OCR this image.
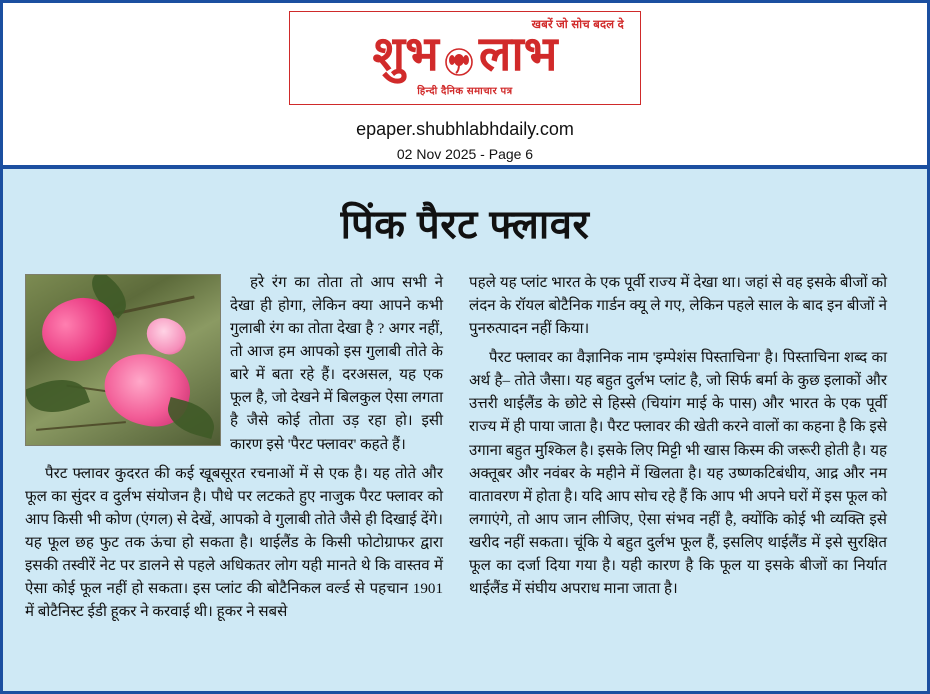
खबरें जो सोच बदल दे
शुभ लाभ
हिन्दी दैनिक समाचार पत्र
epaper.shubhlabhdaily.com
02 Nov 2025 - Page 6
पिंक पैरट फ्लावर

हरे रंग का तोता तो आप सभी ने देखा ही होगा, लेकिन क्या आपने कभी गुलाबी रंग का तोता देखा है ? अगर नहीं, तो आज हम आपको इस गुलाबी तोते के बारे में बता रहे हैं। दरअसल, यह एक फूल है, जो देखने में बिलकुल ऐसा लगता है जैसे कोई तोता उड़ रहा हो। इसी कारण इसे 'पैरट फ्लावर' कहते हैं।

पैरट फ्लावर कुदरत की कई खूबसूरत रचनाओं में से एक है। यह तोते और फूल का सुंदर व दुर्लभ संयोजन है। पौधे पर लटकते हुए नाजुक पैरट फ्लावर को आप किसी भी कोण (एंगल) से देखें, आपको वे गुलाबी तोते जैसे ही दिखाई देंगे। यह फूल छह फुट तक ऊंचा हो सकता है। थाईलैंड के किसी फोटोग्राफर द्वारा इसकी तस्वीरें नेट पर डालने से पहले अधिकतर लोग यही मानते थे कि वास्तव में ऐसा कोई फूल नहीं हो सकता। इस प्लांट की बोटैनिकल वर्ल्ड से पहचान 1901 में बोटैनिस्ट ईडी हूकर ने करवाई थी। हूकर ने सबसे

पहले यह प्लांट भारत के एक पूर्वी राज्य में देखा था। जहां से वह इसके बीजों को लंदन के रॉयल बोटैनिक गार्डन क्यू ले गए, लेकिन पहले साल के बाद इन बीजों ने पुनरुत्पादन नहीं किया।

पैरट फ्लावर का वैज्ञानिक नाम 'इम्पेशंस पिस्ताचिना' है। पिस्ताचिना शब्द का अर्थ है– तोते जैसा। यह बहुत दुर्लभ प्लांट है, जो सिर्फ बर्मा के कुछ इलाकों और उत्तरी थाईलैंड के छोटे से हिस्से (चियांग माई के पास) और भारत के एक पूर्वी राज्य में ही पाया जाता है। पैरट फ्लावर की खेती करने वालों का कहना है कि इसे उगाना बहुत मुश्किल है। इसके लिए मिट्टी भी खास किस्म की जरूरी होती है। यह अक्तूबर और नवंबर के महीने में खिलता है। यह उष्णकटिबंधीय, आद्र और नम वातावरण में होता है। यदि आप सोच रहे हैं कि आप भी अपने घरों में इस फूल को लगाएंगे, तो आप जान लीजिए, ऐसा संभव नहीं है, क्योंकि कोई भी व्यक्ति इसे खरीद नहीं सकता। चूंकि ये बहुत दुर्लभ फूल हैं, इसलिए थाईलैंड में इसे सुरक्षित फूल का दर्जा दिया गया है। यही कारण है कि फूल या इसके बीजों का निर्यात थाईलैंड में संघीय अपराध माना जाता है।
